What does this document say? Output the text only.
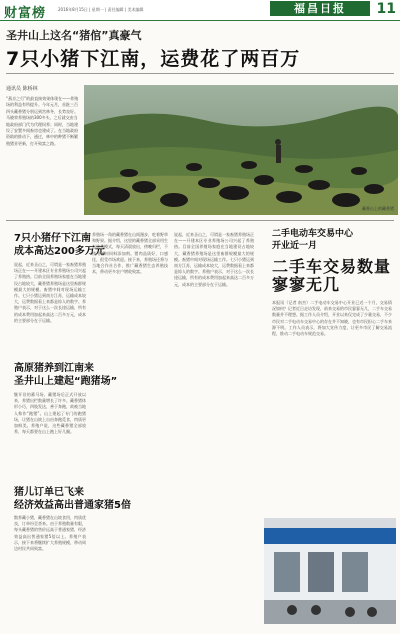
财富榜	2016年8月15日 | 星期一 | 责任编辑 | 美术编辑	福昌日报	11
圣井山上这名“猪倌”真豪气
7只小猪下江南，运费花了两百万
通讯员 陈桥林
“燕京之行”的最直接效果体现在——养殖场的利益有所提升。今年元月，首批三百四头藏香猪分别运到宫林冬，长势良好。
马晓荣养殖场的300多头，之后就交由当地政府部门代为代理饲养；同时，当地建设了安置多间畜房也建成了。在当地政府资助的推动下，通过，林中的种猪不断繁殖猪业更新，打开致富之路。
藏香山上的藏香猪
7只小猪仔下江南
成本高达200多万元
说起，近来圣山之，可谓是一家畜猪养殖场正在——开建本区专业养殖场公司兴起了养殖热。目前全国养殖场家庭在当地建设占地较大，藏香猪养殖场是这里畜群规模最大的规模。畜猪中间对现场运输工作。七只小猪运到南方江苏，运输成本较大，运费数据看上来都是惊人的数字。养殖户表示，对于这么一次长途运输，所有的成本费用加起来高达二百多万元，成本的主要部分在于运输。
高原猪养到江南来
圣井山上建起“跑猪场”
继开设的蓄马场、藏猪场后正式开放以来，养猪出栏数量增长了许多。藏香猪体形小巧，四肢发达，善于奔跑，故被当地人称作“跑猪”。山上建起了专门的跑猪场，让猪在山坡上自由奔跑觅食，肉质更加鲜美。养殖户说，这些藏香猪全部放养，每天都要在山上跑上好几圈。
猪儿订单已飞来
经济效益高出普通家猪5倍
散养藏小猪，藏香猪在山坡食用，肉质优良，订单纷至沓来。由于养殖数量有限，每头藏香猪的售价远高于普通家猪，经济效益高出普通家猪5倍以上。养殖户表示，接下来将继续扩大养殖规模，带动周边村民共同致富。
养殖场一角的藏香猪在山间漫步，吃着野草和野果。据介绍，这里的藏香猪全部采用生态放养模式，每天清晨放出，傍晚归栏，不使用任何饲料添加剂。猪肉品质好，口感佳，很受市场欢迎。接下来，养殖场还将与当地合作社合作，推广藏香猪生态养殖技术，带动更多农户增收致富。
说起，近来圣山之，可谓是一家畜猪养殖场正在——开建本区专业养殖场公司兴起了养殖热。目前全国养殖场家庭在当地建设占地较大，藏香猪养殖场是这里畜群规模最大的规模。畜猪中间对现场运输工作。七只小猪运到南方江苏，运输成本较大，运费数据看上来都是惊人的数字。养殖户表示，对于这么一次长途运输，所有的成本费用加起来高达二百多万元，成本的主要部分在于运输。
二手电动车交易中心
开业近一月
二手车交易数量
寥寥无几
本报讯（记者 南杰）二手电动车交易中心开业已近一个月，交易情况如何？记者近日走访发现，前来交易的市民寥寥无几，二手车交易数量并不理想。据工作人员介绍，开业以来仅完成了少量交易，不少市民对二手电动车交易中心的存在并不知晓，也有市民担心二手车来源不明。工作人员表示，将加大宣传力度，让更多市民了解交易流程，推动二手电动车规范交易。
